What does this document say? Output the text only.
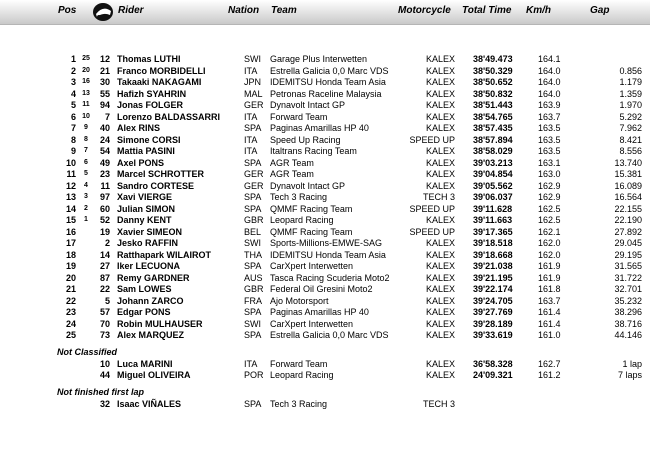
Pos	Rider	Nation Team	Motorcycle Total Time Km/h	Gap
1 25 12 Thomas LUTHI	SWI Garage Plus Interwetten	KALEX 38'49.473	164.1
2 20 21 Franco MORBIDELLI	ITA Estrella Galicia 0,0 Marc VDS	KALEX 38'50.329	164.0	0.856
3 16 30 Takaaki NAKAGAMI	JPN IDEMITSU Honda Team Asia	KALEX 38'50.652	164.0	1.179
4 13 55 Hafizh SYAHRIN	MAL Petronas Raceline Malaysia	KALEX 38'50.832	164.0	1.359
5 11 94 Jonas FOLGER	GER Dynavolt Intact GP	KALEX 38'51.443	163.9	1.970
6 10 7 Lorenzo BALDASSARRI	ITA Forward Team	KALEX 38'54.765	163.7	5.292
7	9	40 Alex RINS	SPA Paginas Amarillas HP 40	KALEX 38'57.435	163.5	7.962
8	8	24 Simone CORSI	ITA Speed Up Racing	SPEED UP 38'57.894	163.5	8.421
9	7	54 Mattia PASINI	ITA Italtrans Racing Team	KALEX 38'58.029	163.5	8.556
10	6	49 Axel PONS	SPA AGR Team	KALEX 39'03.213	163.1	13.740
11	5	23 Marcel SCHROTTER	GER AGR Team	KALEX 39'04.854	163.0	15.381
12	4	11 Sandro CORTESE	GER Dynavolt Intact GP	KALEX 39'05.562	162.9	16.089
13	3	97 Xavi VIERGE	SPA Tech 3 Racing	TECH 3 39'06.037	162.9	16.564
14	2	60 Julian SIMON	SPA QMMF Racing Team	SPEED UP 39'11.628	162.5	22.155
15	1	52 Danny KENT	GBR Leopard Racing	KALEX 39'11.663	162.5	22.190
16	19 Xavier SIMEON	BEL QMMF Racing Team	SPEED UP 39'17.365	162.1	27.892
17	2 Jesko RAFFIN	SWI Sports-Millions-EMWE-SAG	KALEX 39'18.518	162.0	29.045
18	14 Ratthapark WILAIROT	THA IDEMITSU Honda Team Asia	KALEX 39'18.668	162.0	29.195
19	27 Iker LECUONA	SPA CarXpert Interwetten	KALEX 39'21.038	161.9	31.565
20	87 Remy GARDNER	AUS Tasca Racing Scuderia Moto2	KALEX 39'21.195	161.9	31.722
21	22 Sam LOWES	GBR Federal Oil Gresini Moto2	KALEX 39'22.174	161.8	32.701
22	5 Johann ZARCO	FRA Ajo Motorsport	KALEX 39'24.705	163.7	35.232
23	57 Edgar PONS	SPA Paginas Amarillas HP 40	KALEX 39'27.769	161.4	38.296
24	70 Robin MULHAUSER	SWI CarXpert Interwetten	KALEX 39'28.189	161.4	38.716
25	73 Alex MARQUEZ	SPA Estrella Galicia 0,0 Marc VDS	KALEX 39'33.619	161.0	44.146
Not Classified
10 Luca MARINI	ITA Forward Team	KALEX 36'58.328	162.7	1 lap
44 Miguel OLIVEIRA	POR Leopard Racing	KALEX 24'09.321	161.2	7 laps
Not finished first lap
32 Isaac VIÑALES	SPA Tech 3 Racing	TECH 3
